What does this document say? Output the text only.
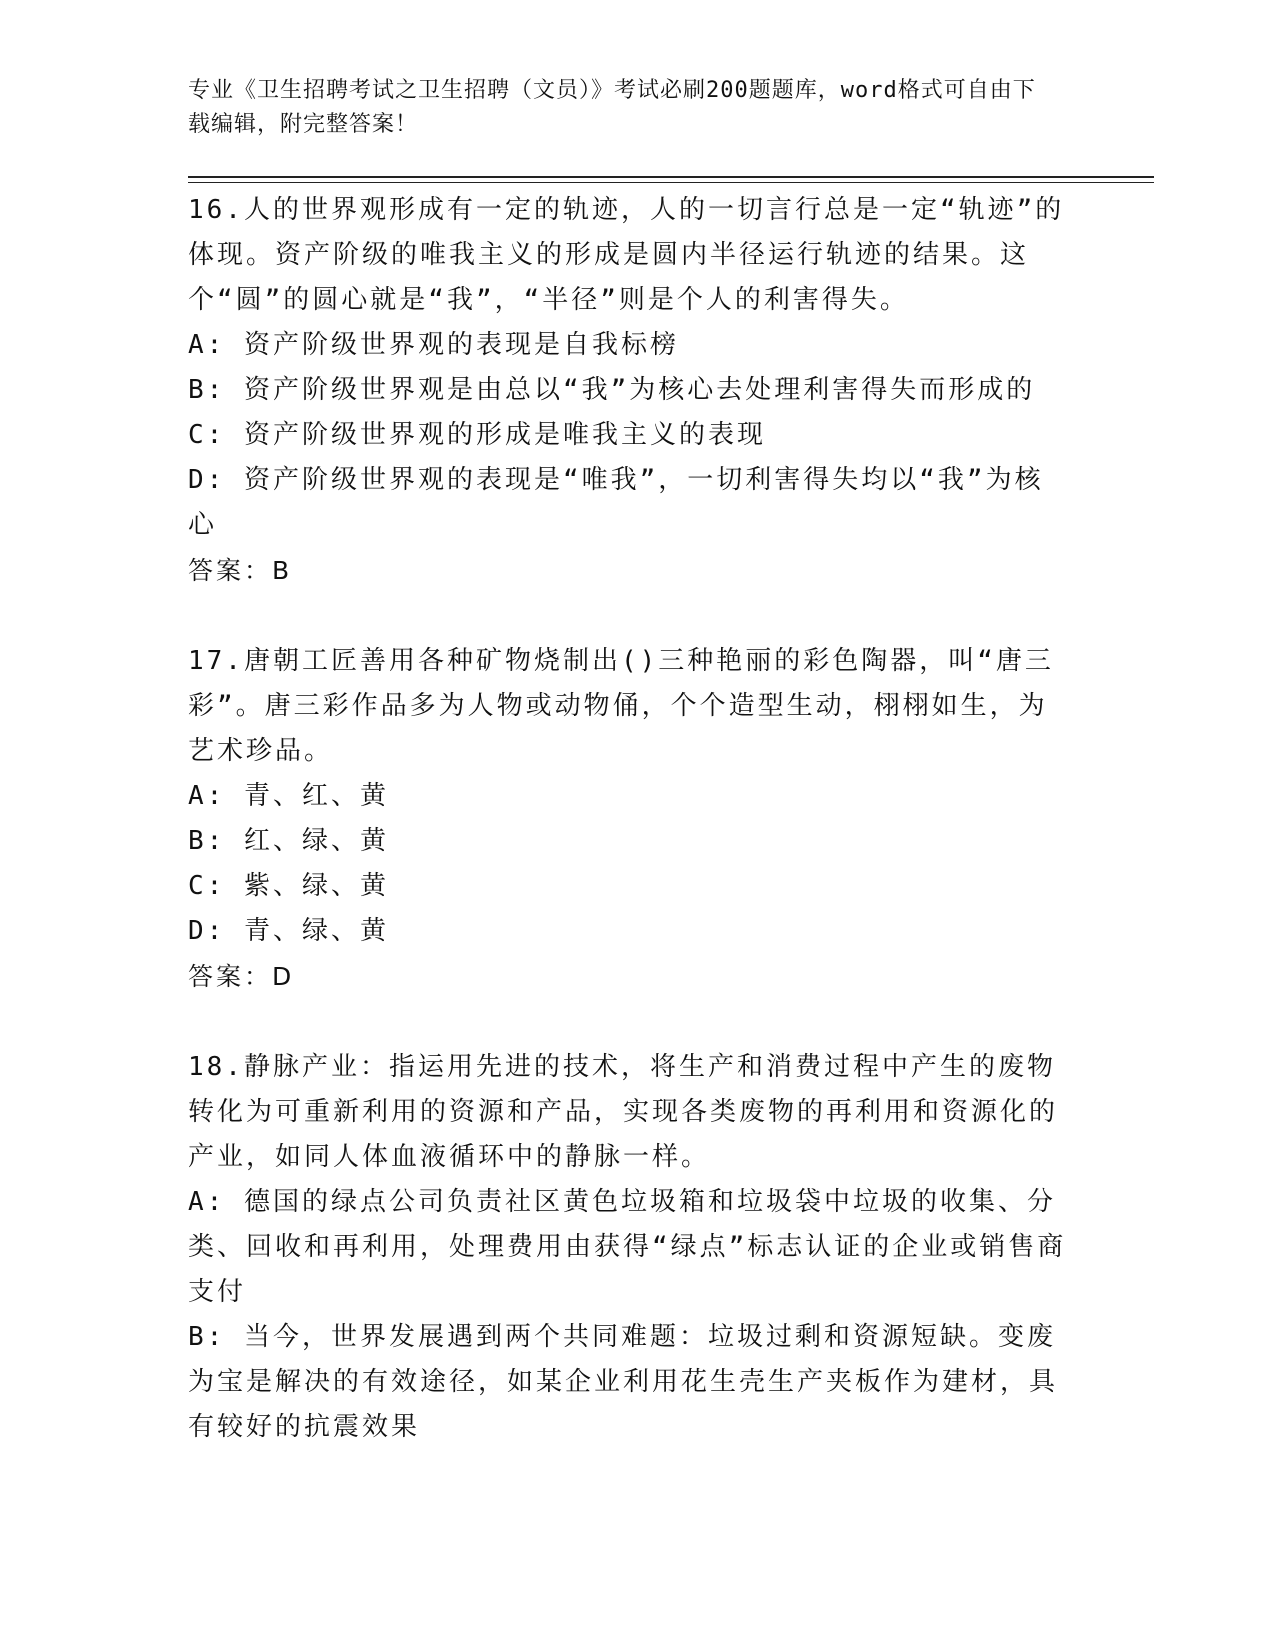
专业《卫生招聘考试之卫生招聘（文员）》考试必刷200题题库，word格式可自由下载编辑，附完整答案！

16.人的世界观形成有一定的轨迹，人的一切言行总是一定“轨迹”的体现。资产阶级的唯我主义的形成是圆内半径运行轨迹的结果。这个“圆”的圆心就是“我”，“半径”则是个人的利害得失。

A: 资产阶级世界观的表现是自我标榜

B: 资产阶级世界观是由总以“我”为核心去处理利害得失而形成的

C: 资产阶级世界观的形成是唯我主义的表现

D: 资产阶级世界观的表现是“唯我”，一切利害得失均以“我”为核心

答案：B

17.唐朝工匠善用各种矿物烧制出()三种艳丽的彩色陶器，叫“唐三彩”。唐三彩作品多为人物或动物俑，个个造型生动，栩栩如生，为艺术珍品。

A: 青、红、黄

B: 红、绿、黄

C: 紫、绿、黄

D: 青、绿、黄

答案：D

18.静脉产业：指运用先进的技术，将生产和消费过程中产生的废物转化为可重新利用的资源和产品，实现各类废物的再利用和资源化的产业，如同人体血液循环中的静脉一样。

A: 德国的绿点公司负责社区黄色垃圾箱和垃圾袋中垃圾的收集、分类、回收和再利用，处理费用由获得“绿点”标志认证的企业或销售商支付

B: 当今，世界发展遇到两个共同难题：垃圾过剩和资源短缺。变废为宝是解决的有效途径，如某企业利用花生壳生产夹板作为建材，具有较好的抗震效果
